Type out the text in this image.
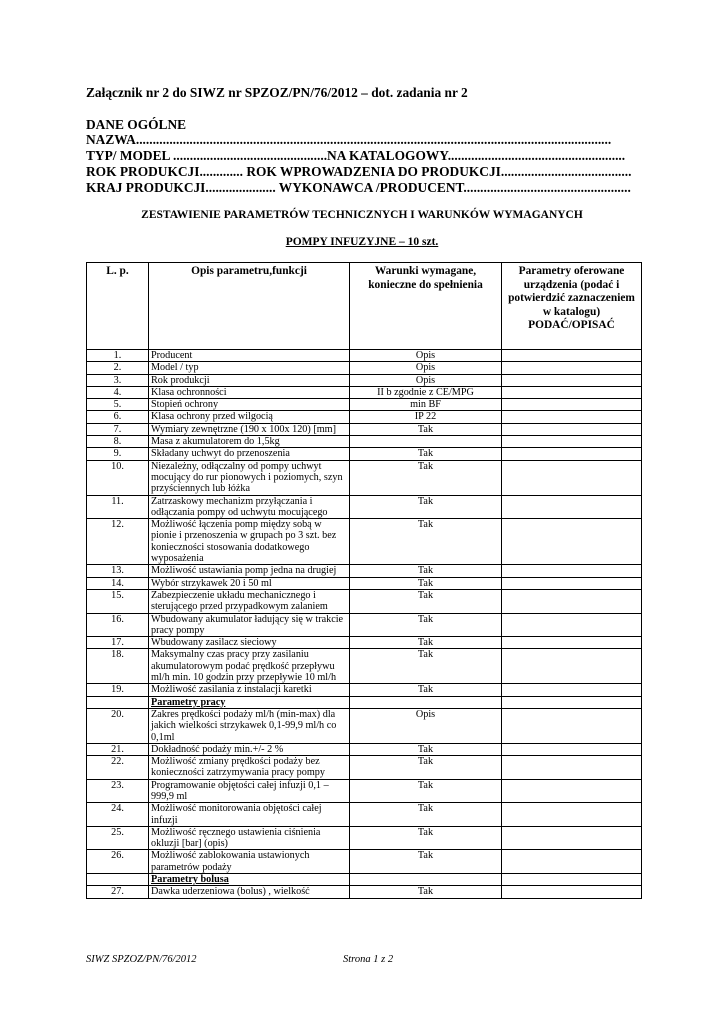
Załącznik nr 2 do SIWZ nr SPZOZ/PN/76/2012 – dot. zadania nr 2
DANE OGÓLNE
NAZWA..............................................................................................................................................
TYP/ MODEL ..............................................NA KATALOGOWY.....................................................
ROK PRODUKCJI............. ROK WPROWADZENIA DO PRODUKCJI.......................................
KRAJ PRODUKCJI..................... WYKONAWCA /PRODUCENT..................................................
ZESTAWIENIE PARAMETRÓW TECHNICZNYCH I WARUNKÓW WYMAGANYCH
POMPY INFUZYJNE – 10 szt.
L. p.	Opis parametru,funkcji	Warunki wymagane, konieczne do spełnienia	Parametry oferowane urządzenia (podać i potwierdzić zaznaczeniem w katalogu) PODAĆ/OPISAĆ
1.	Producent	Opis	
2.	Model / typ	Opis	
3.	Rok produkcji	Opis	
4.	Klasa ochronności	II b zgodnie z CE/MPG	
5.	Stopień ochrony	min BF	
6.	Klasa ochrony przed wilgocią	IP 22	
7.	Wymiary zewnętrzne (190 x 100x 120) [mm]	Tak	
8.	Masa z akumulatorem do 1,5kg		
9.	Składany uchwyt do przenoszenia	Tak	
10.	Niezależny, odłączalny od pompy uchwyt mocujący do rur pionowych i poziomych, szyn przyściennych lub łóżka	Tak	
11.	Zatrzaskowy mechanizm przyłączania i odłączania pompy od uchwytu mocującego	Tak	
12.	Możliwość łączenia pomp między sobą w pionie i przenoszenia w grupach po 3 szt. bez konieczności stosowania dodatkowego wyposażenia	Tak	
13.	Możliwość ustawiania pomp jedna na drugiej	Tak	
14.	Wybór strzykawek 20 i 50 ml	Tak	
15.	Zabezpieczenie układu mechanicznego i sterującego przed przypadkowym zalaniem	Tak	
16.	Wbudowany akumulator ładujący się w trakcie pracy pompy	Tak	
17.	Wbudowany zasilacz sieciowy	Tak	
18.	Maksymalny czas pracy przy zasilaniu akumulatorowym podać prędkość przepływu ml/h min. 10 godzin przy przepływie 10 ml/h	Tak	
19.	Możliwość zasilania z instalacji karetki	Tak	
	Parametry pracy		
20.	Zakres prędkości podaży ml/h (min-max) dla jakich wielkości strzykawek 0,1-99,9 ml/h co 0,1ml	Opis	
21.	Dokładność podaży min.+/- 2 %	Tak	
22.	Możliwość zmiany prędkości podaży bez konieczności zatrzymywania pracy pompy	Tak	
23.	Programowanie objętości całej infuzji 0,1 – 999,9 ml	Tak	
24.	Możliwość monitorowania objętości całej infuzji	Tak	
25.	Możliwość ręcznego ustawienia ciśnienia okluzji [bar] (opis)	Tak	
26.	Możliwość zablokowania ustawionych parametrów podaży	Tak	
	Parametry bolusa		
27.	Dawka uderzeniowa (bolus) , wielkość	Tak	
SIWZ SPZOZ/PN/76/2012	Strona 1 z 2
